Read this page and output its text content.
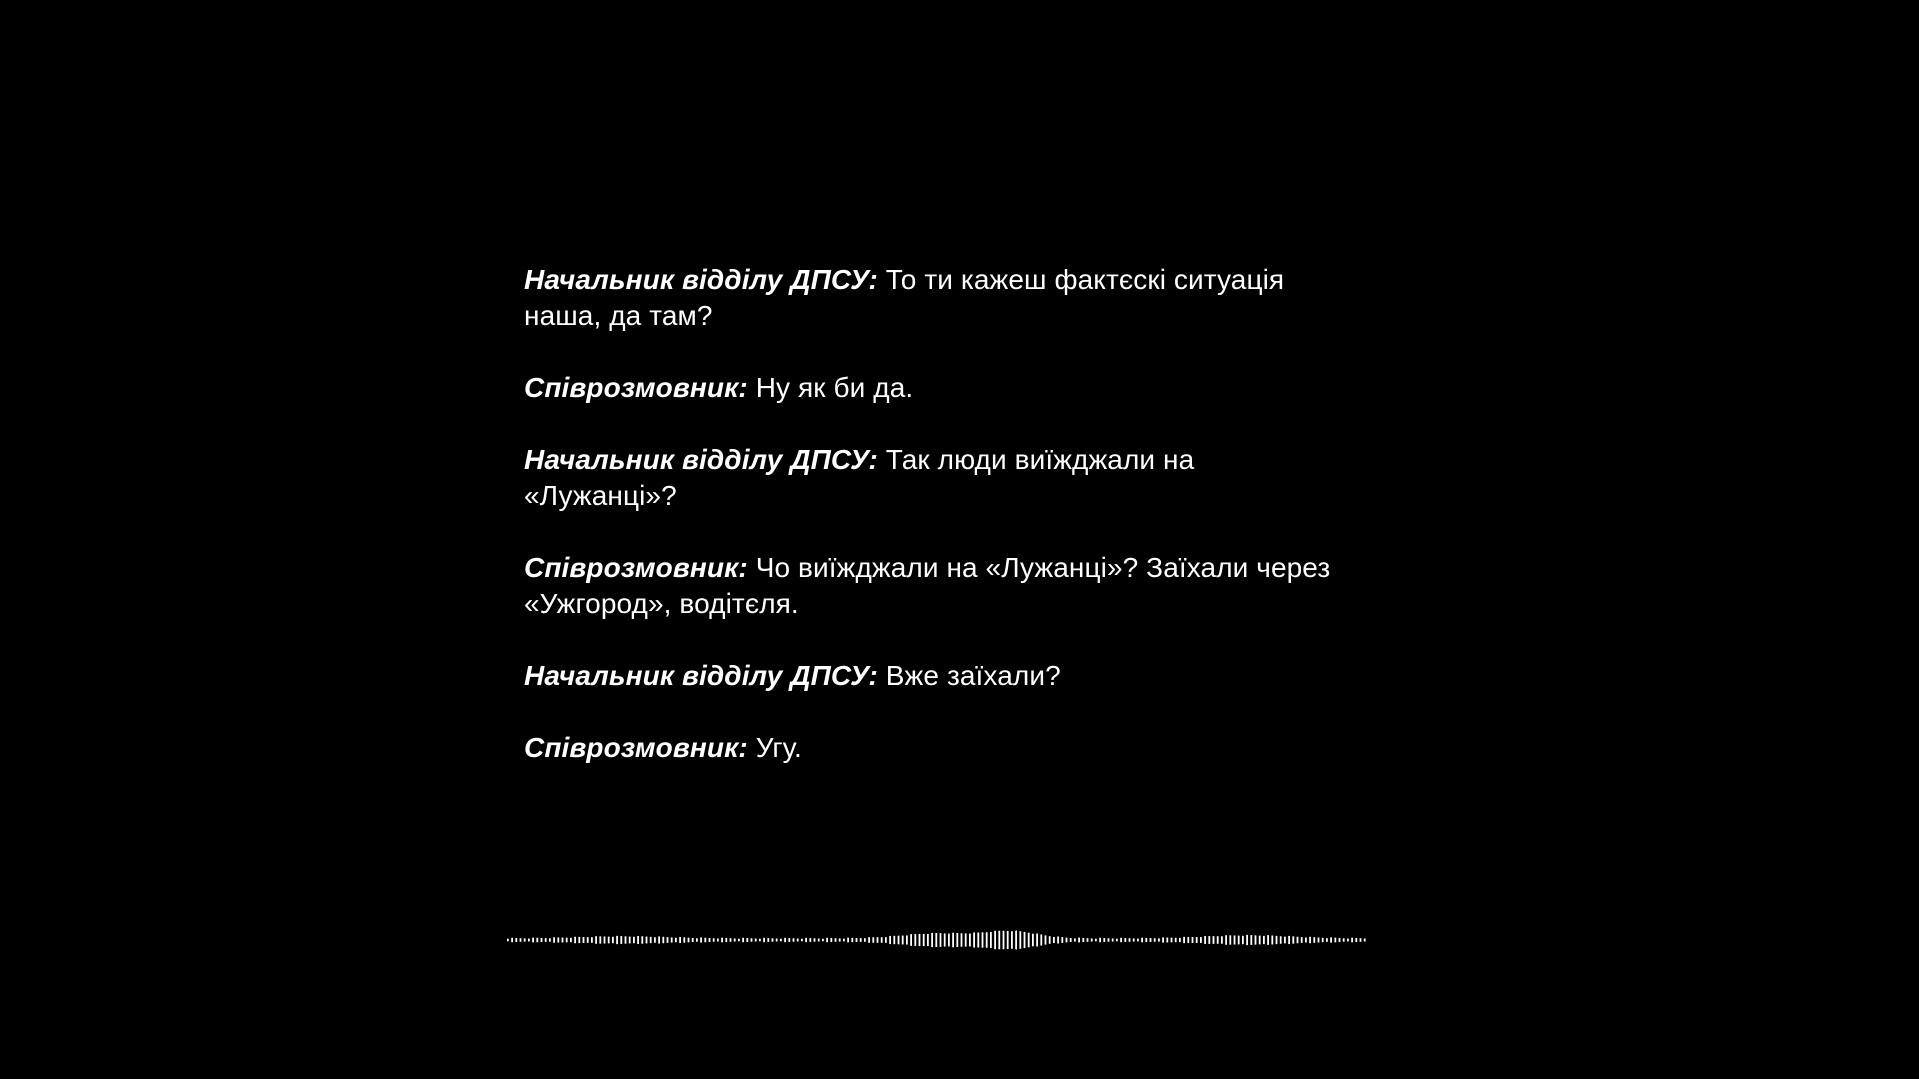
Начальник відділу ДПСУ: То ти кажеш фактєскі ситуація наша, да там?

Співрозмовник: Ну як би да.

Начальник відділу ДПСУ: Так люди виїжджали на «Лужанці»?

Співрозмовник: Чо виїжджали на «Лужанці»? Заїхали через «Ужгород», водітєля.

Начальник відділу ДПСУ: Вже заїхали?

Співрозмовник: Угу.
